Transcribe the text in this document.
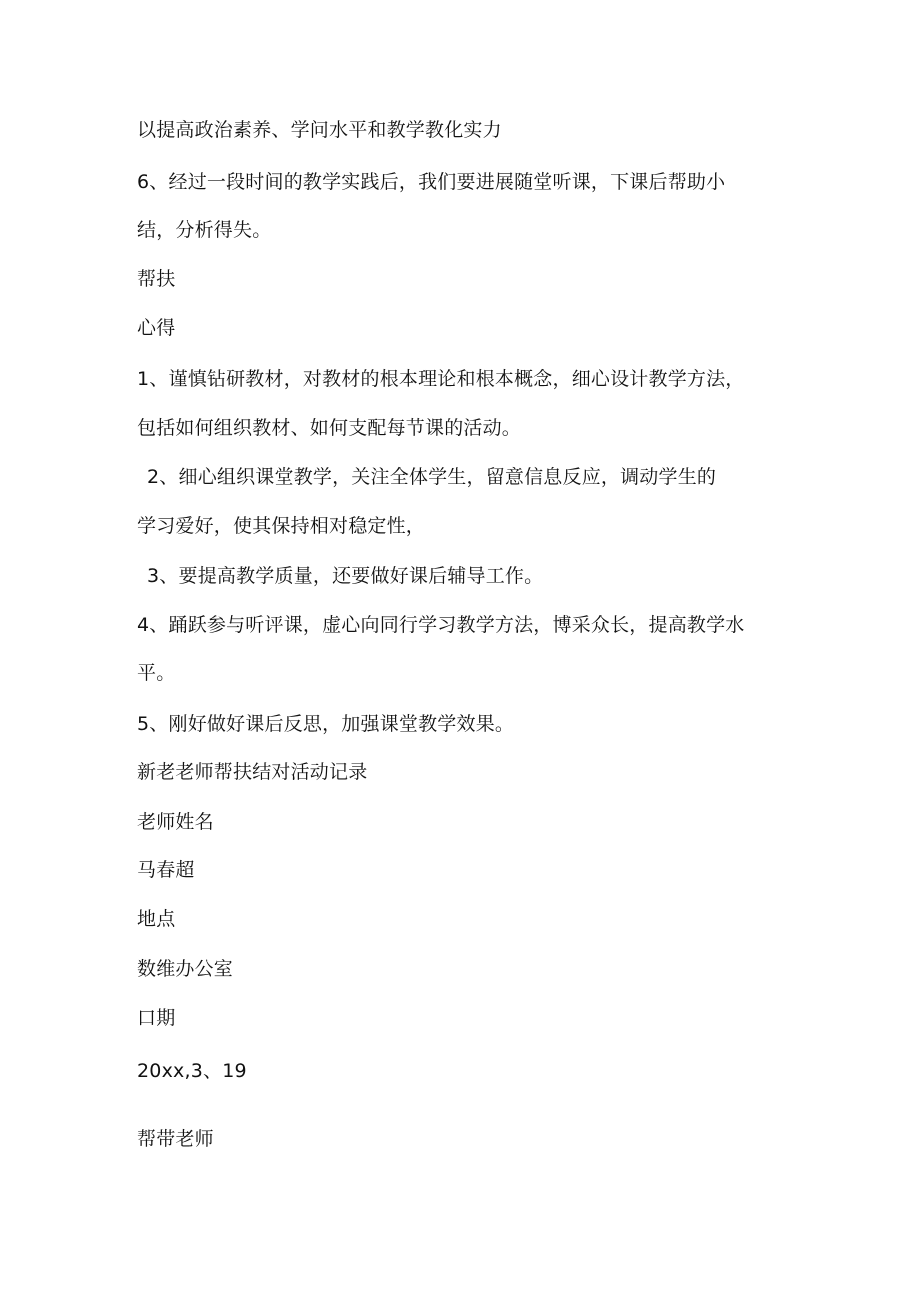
以提高政治素养、学问水平和教学教化实力
6、经过一段时间的教学实践后，我们要进展随堂听课，下课后帮助小
结，分析得失。
帮扶
心得
1、谨慎钻研教材，对教材的根本理论和根本概念，细心设计教学方法，
包括如何组织教材、如何支配每节课的活动。
2、细心组织课堂教学，关注全体学生，留意信息反应，调动学生的
学习爱好，使其保持相对稳定性，
3、要提高教学质量，还要做好课后辅导工作。
4、踊跃参与听评课，虚心向同行学习教学方法，博采众长，提高教学水
平。
5、刚好做好课后反思，加强课堂教学效果。
新老老师帮扶结对活动记录
老师姓名
马春超
地点
数维办公室
口期
20xx,3、19
帮带老师
